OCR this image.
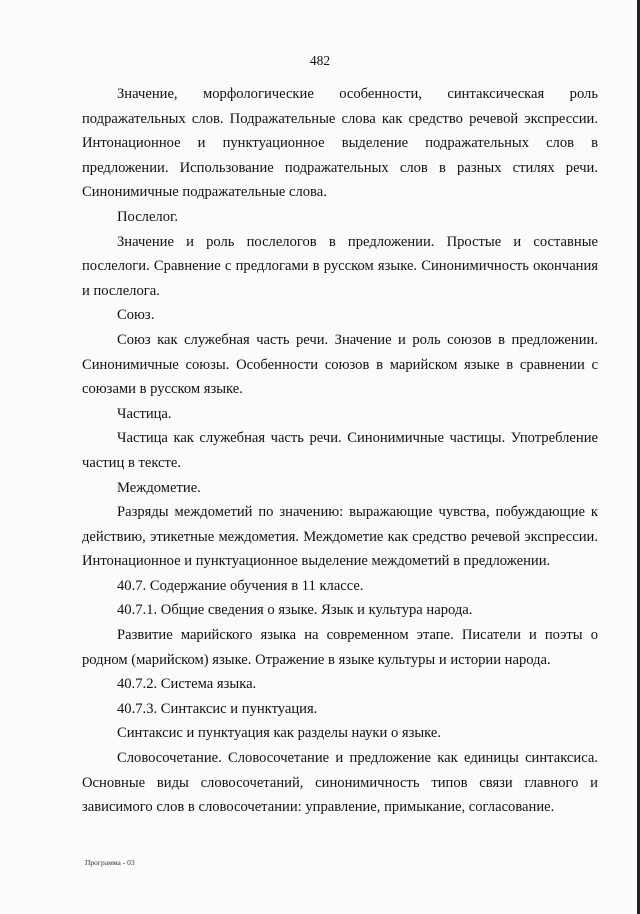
482

Значение, морфологические особенности, синтаксическая роль подражательных слов. Подражательные слова как средство речевой экспрессии. Интонационное и пунктуационное выделение подражательных слов в предложении. Использование подражательных слов в разных стилях речи. Синонимичные подражательные слова.

Послелог.

Значение и роль послелогов в предложении. Простые и составные послелоги. Сравнение с предлогами в русском языке. Синонимичность окончания и послелога.

Союз.

Союз как служебная часть речи. Значение и роль союзов в предложении. Синонимичные союзы. Особенности союзов в марийском языке в сравнении с союзами в русском языке.

Частица.

Частица как служебная часть речи. Синонимичные частицы. Употребление частиц в тексте.

Междометие.

Разряды междометий по значению: выражающие чувства, побуждающие к действию, этикетные междометия. Междометие как средство речевой экспрессии. Интонационное и пунктуационное выделение междометий в предложении.

40.7. Содержание обучения в 11 классе.

40.7.1. Общие сведения о языке. Язык и культура народа.

Развитие марийского языка на современном этапе. Писатели и поэты о родном (марийском) языке. Отражение в языке культуры и истории народа.

40.7.2. Система языка.

40.7.3. Синтаксис и пунктуация.

Синтаксис и пунктуация как разделы науки о языке.

Словосочетание. Словосочетание и предложение как единицы синтаксиса. Основные виды словосочетаний, синонимичность типов связи главного и зависимого слов в словосочетании: управление, примыкание, согласование.

Программа - 03
